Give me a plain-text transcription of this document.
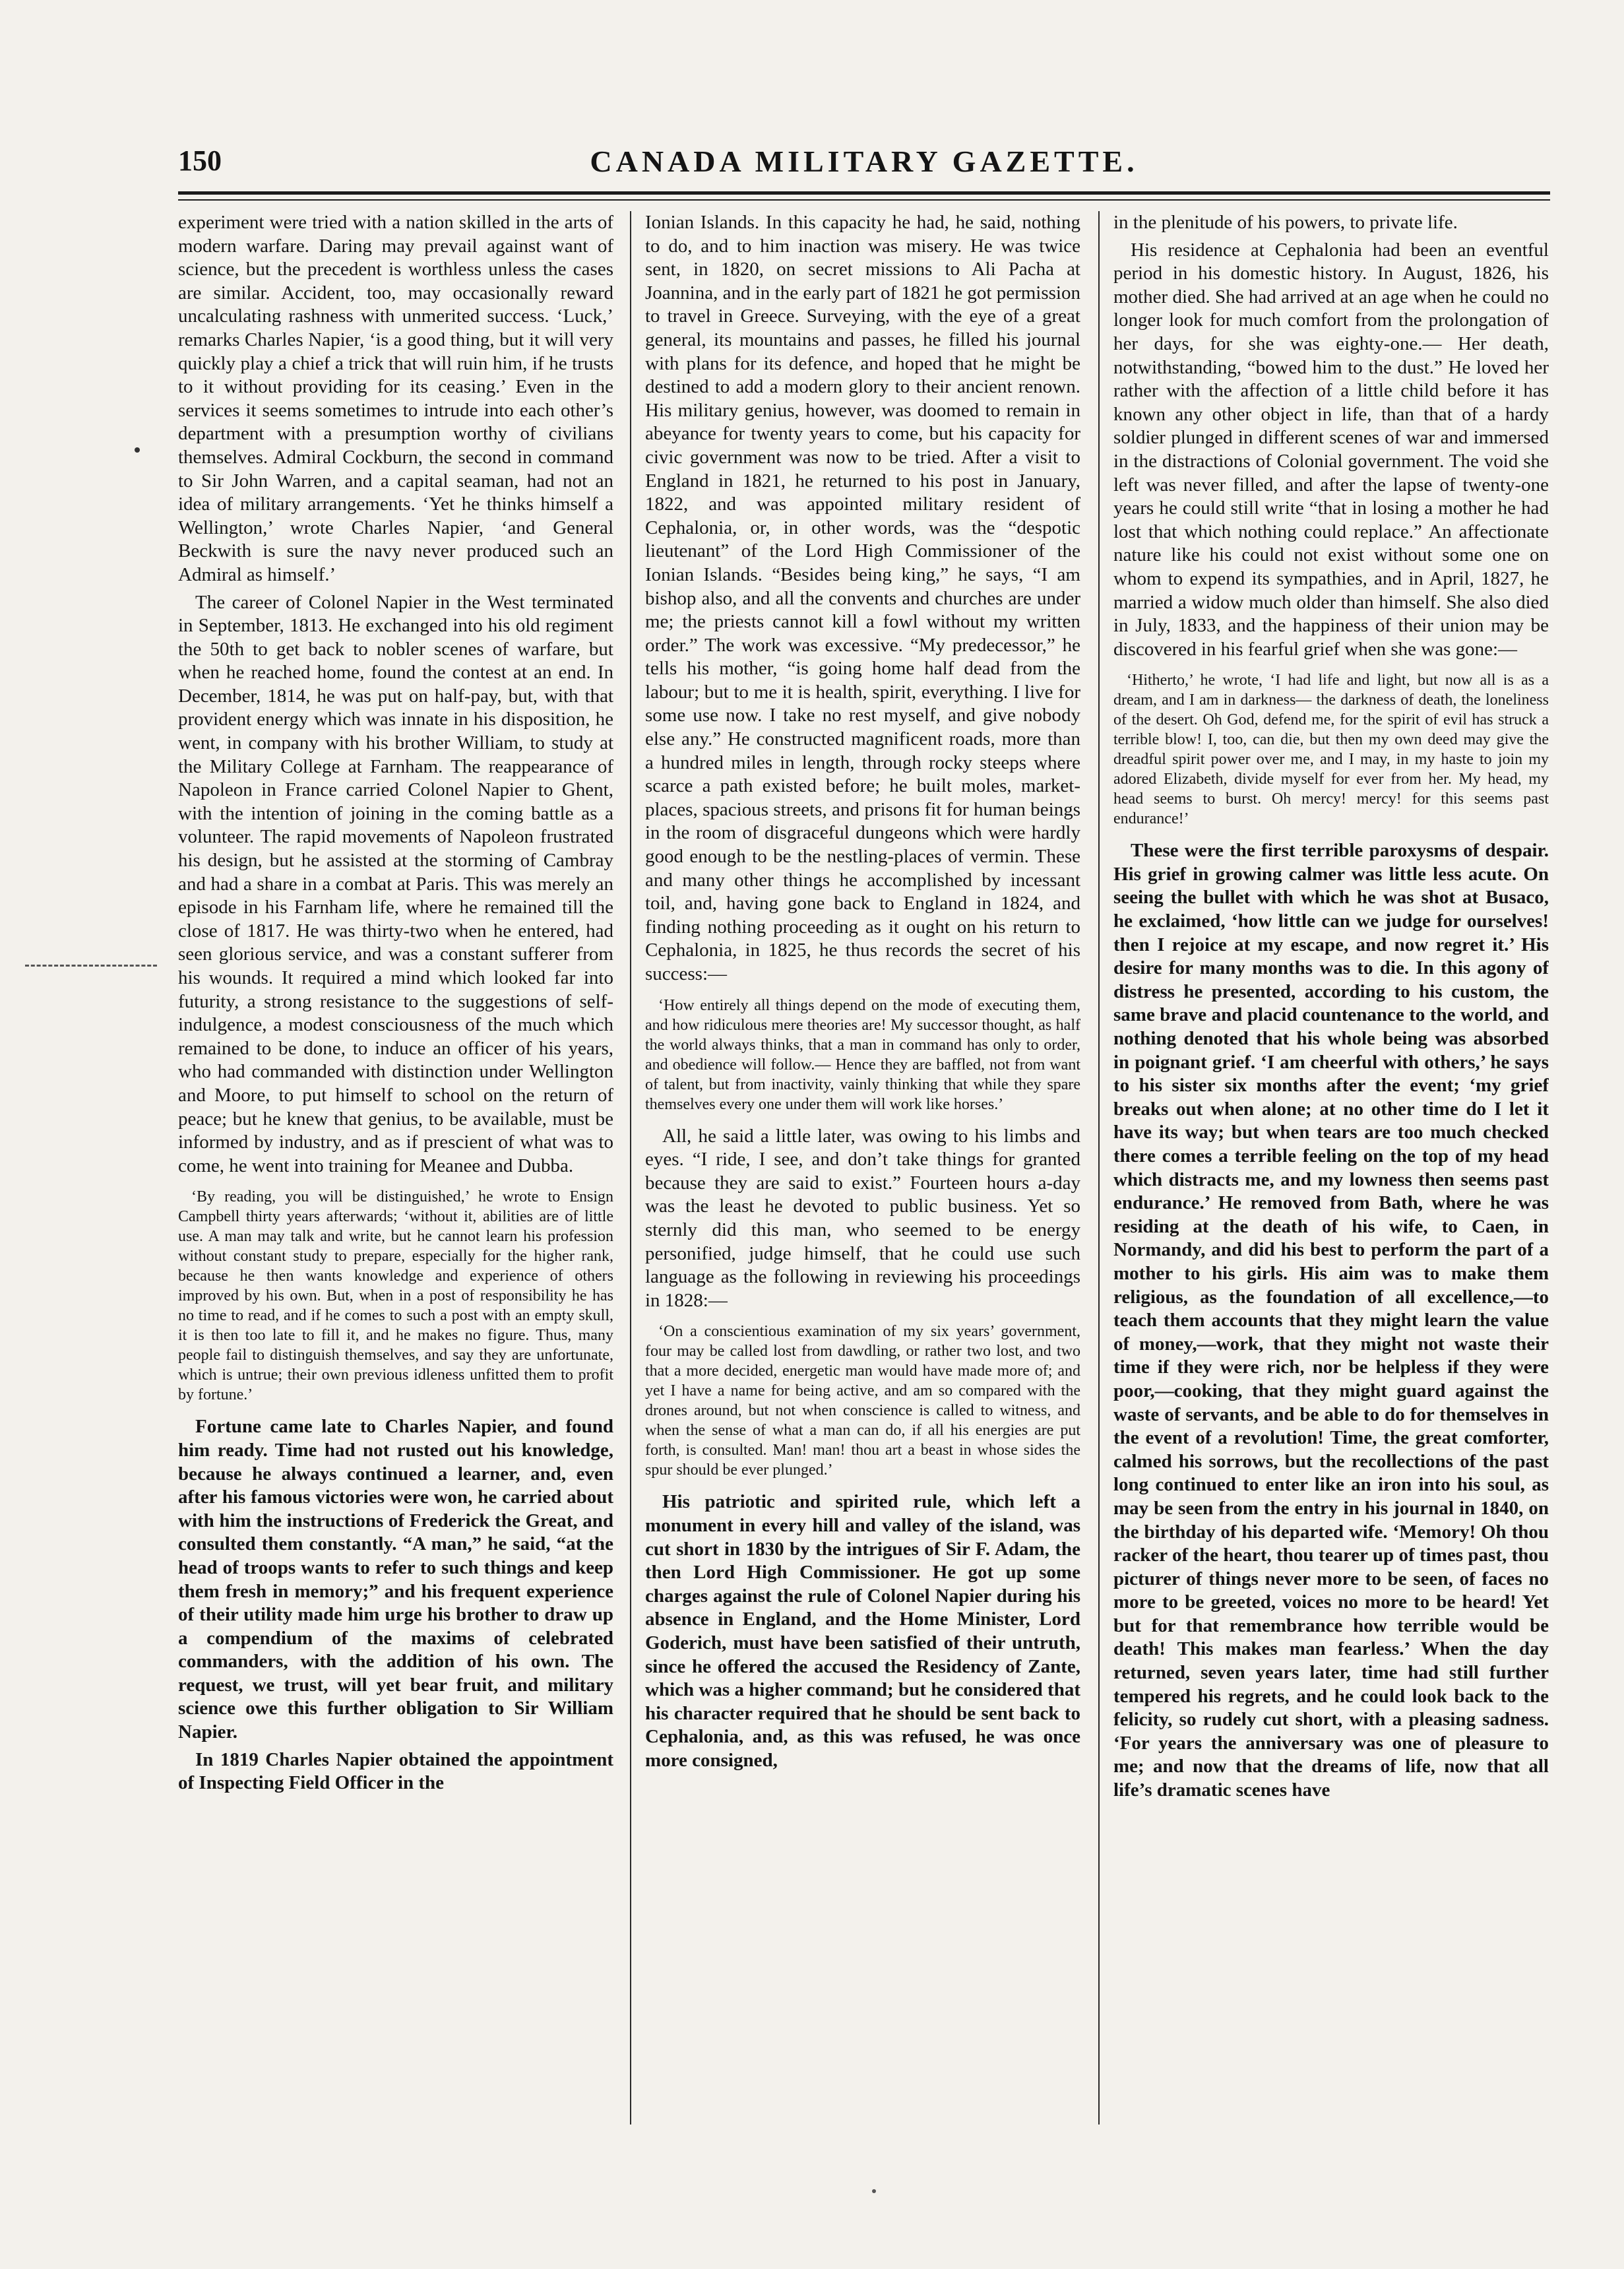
150	CANADA MILITARY GAZETTE.

experiment were tried with a nation skilled in the arts of modern warfare. Daring may prevail against want of science, but the precedent is worthless unless the cases are similar. Accident, too, may occasionally reward uncalculating rashness with unmerited success. ‘Luck,’ remarks Charles Napier, ‘is a good thing, but it will very quickly play a chief a trick that will ruin him, if he trusts to it without providing for its ceasing.’ Even in the services it seems sometimes to intrude into each other’s department with a presumption worthy of civilians themselves. Admiral Cockburn, the second in command to Sir John Warren, and a capital seaman, had not an idea of military arrangements. ‘Yet he thinks himself a Wellington,’ wrote Charles Napier, ‘and General Beckwith is sure the navy never produced such an Admiral as himself.’

The career of Colonel Napier in the West terminated in September, 1813. He exchanged into his old regiment the 50th to get back to nobler scenes of warfare, but when he reached home, found the contest at an end. In December, 1814, he was put on half-pay, but, with that provident energy which was innate in his disposition, he went, in company with his brother William, to study at the Military College at Farnham. The reappearance of Napoleon in France carried Colonel Napier to Ghent, with the intention of joining in the coming battle as a volunteer. The rapid movements of Napoleon frustrated his design, but he assisted at the storming of Cambray and had a share in a combat at Paris. This was merely an episode in his Farnham life, where he remained till the close of 1817. He was thirty-two when he entered, had seen glorious service, and was a constant sufferer from his wounds. It required a mind which looked far into futurity, a strong resistance to the suggestions of self-indulgence, a modest consciousness of the much which remained to be done, to induce an officer of his years, who had commanded with distinction under Wellington and Moore, to put himself to school on the return of peace; but he knew that genius, to be available, must be informed by industry, and as if prescient of what was to come, he went into training for Meanee and Dubba.

‘By reading, you will be distinguished,’ he wrote to Ensign Campbell thirty years afterwards; ‘without it, abilities are of little use. A man may talk and write, but he cannot learn his profession without constant study to prepare, especially for the higher rank, because he then wants knowledge and experience of others improved by his own. But, when in a post of responsibility he has no time to read, and if he comes to such a post with an empty skull, it is then too late to fill it, and he makes no figure. Thus, many people fail to distinguish themselves, and say they are unfortunate, which is untrue; their own previous idleness unfitted them to profit by fortune.’

Fortune came late to Charles Napier, and found him ready. Time had not rusted out his knowledge, because he always continued a learner, and, even after his famous victories were won, he carried about with him the instructions of Frederick the Great, and consulted them constantly. “A man,” he said, “at the head of troops wants to refer to such things and keep them fresh in memory;” and his frequent experience of their utility made him urge his brother to draw up a compendium of the maxims of celebrated commanders, with the addition of his own. The request, we trust, will yet bear fruit, and military science owe this further obligation to Sir William Napier.

In 1819 Charles Napier obtained the appointment of Inspecting Field Officer in the

Ionian Islands. In this capacity he had, he said, nothing to do, and to him inaction was misery. He was twice sent, in 1820, on secret missions to Ali Pacha at Joannina, and in the early part of 1821 he got permission to travel in Greece. Surveying, with the eye of a great general, its mountains and passes, he filled his journal with plans for its defence, and hoped that he might be destined to add a modern glory to their ancient renown. His military genius, however, was doomed to remain in abeyance for twenty years to come, but his capacity for civic government was now to be tried. After a visit to England in 1821, he returned to his post in January, 1822, and was appointed military resident of Cephalonia, or, in other words, was the “despotic lieutenant” of the Lord High Commissioner of the Ionian Islands. “Besides being king,” he says, “I am bishop also, and all the convents and churches are under me; the priests cannot kill a fowl without my written order.” The work was excessive. “My predecessor,” he tells his mother, “is going home half dead from the labour; but to me it is health, spirit, everything. I live for some use now. I take no rest myself, and give nobody else any.” He constructed magnificent roads, more than a hundred miles in length, through rocky steeps where scarce a path existed before; he built moles, market-places, spacious streets, and prisons fit for human beings in the room of disgraceful dungeons which were hardly good enough to be the nestling-places of vermin. These and many other things he accomplished by incessant toil, and, having gone back to England in 1824, and finding nothing proceeding as it ought on his return to Cephalonia, in 1825, he thus records the secret of his success:—

‘How entirely all things depend on the mode of executing them, and how ridiculous mere theories are! My successor thought, as half the world always thinks, that a man in command has only to order, and obedience will follow.— Hence they are baffled, not from want of talent, but from inactivity, vainly thinking that while they spare themselves every one under them will work like horses.’

All, he said a little later, was owing to his limbs and eyes. “I ride, I see, and don’t take things for granted because they are said to exist.” Fourteen hours a-day was the least he devoted to public business. Yet so sternly did this man, who seemed to be energy personified, judge himself, that he could use such language as the following in reviewing his proceedings in 1828:—

‘On a conscientious examination of my six years’ government, four may be called lost from dawdling, or rather two lost, and two that a more decided, energetic man would have made more of; and yet I have a name for being active, and am so compared with the drones around, but not when conscience is called to witness, and when the sense of what a man can do, if all his energies are put forth, is consulted. Man! man! thou art a beast in whose sides the spur should be ever plunged.’

His patriotic and spirited rule, which left a monument in every hill and valley of the island, was cut short in 1830 by the intrigues of Sir F. Adam, the then Lord High Commissioner. He got up some charges against the rule of Colonel Napier during his absence in England, and the Home Minister, Lord Goderich, must have been satisfied of their untruth, since he offered the accused the Residency of Zante, which was a higher command; but he considered that his character required that he should be sent back to Cephalonia, and, as this was refused, he was once more consigned,

in the plenitude of his powers, to private life.

His residence at Cephalonia had been an eventful period in his domestic history. In August, 1826, his mother died. She had arrived at an age when he could no longer look for much comfort from the prolongation of her days, for she was eighty-one.— Her death, notwithstanding, “bowed him to the dust.” He loved her rather with the affection of a little child before it has known any other object in life, than that of a hardy soldier plunged in different scenes of war and immersed in the distractions of Colonial government. The void she left was never filled, and after the lapse of twenty-one years he could still write “that in losing a mother he had lost that which nothing could replace.” An affectionate nature like his could not exist without some one on whom to expend its sympathies, and in April, 1827, he married a widow much older than himself. She also died in July, 1833, and the happiness of their union may be discovered in his fearful grief when she was gone:—

‘Hitherto,’ he wrote, ‘I had life and light, but now all is as a dream, and I am in darkness— the darkness of death, the loneliness of the desert. Oh God, defend me, for the spirit of evil has struck a terrible blow! I, too, can die, but then my own deed may give the dreadful spirit power over me, and I may, in my haste to join my adored Elizabeth, divide myself for ever from her. My head, my head seems to burst. Oh mercy! mercy! for this seems past endurance!’

These were the first terrible paroxysms of despair. His grief in growing calmer was little less acute. On seeing the bullet with which he was shot at Busaco, he exclaimed, ‘how little can we judge for ourselves! then I rejoice at my escape, and now regret it.’ His desire for many months was to die. In this agony of distress he presented, according to his custom, the same brave and placid countenance to the world, and nothing denoted that his whole being was absorbed in poignant grief. ‘I am cheerful with others,’ he says to his sister six months after the event; ‘my grief breaks out when alone; at no other time do I let it have its way; but when tears are too much checked there comes a terrible feeling on the top of my head which distracts me, and my lowness then seems past endurance.’ He removed from Bath, where he was residing at the death of his wife, to Caen, in Normandy, and did his best to perform the part of a mother to his girls. His aim was to make them religious, as the foundation of all excellence,—to teach them accounts that they might learn the value of money,—work, that they might not waste their time if they were rich, nor be helpless if they were poor,—cooking, that they might guard against the waste of servants, and be able to do for themselves in the event of a revolution! Time, the great comforter, calmed his sorrows, but the recollections of the past long continued to enter like an iron into his soul, as may be seen from the entry in his journal in 1840, on the birthday of his departed wife. ‘Memory! Oh thou racker of the heart, thou tearer up of times past, thou picturer of things never more to be seen, of faces no more to be greeted, voices no more to be heard! Yet but for that remembrance how terrible would be death! This makes man fearless.’ When the day returned, seven years later, time had still further tempered his regrets, and he could look back to the felicity, so rudely cut short, with a pleasing sadness. ‘For years the anniversary was one of pleasure to me; and now that the dreams of life, now that all life’s dramatic scenes have
